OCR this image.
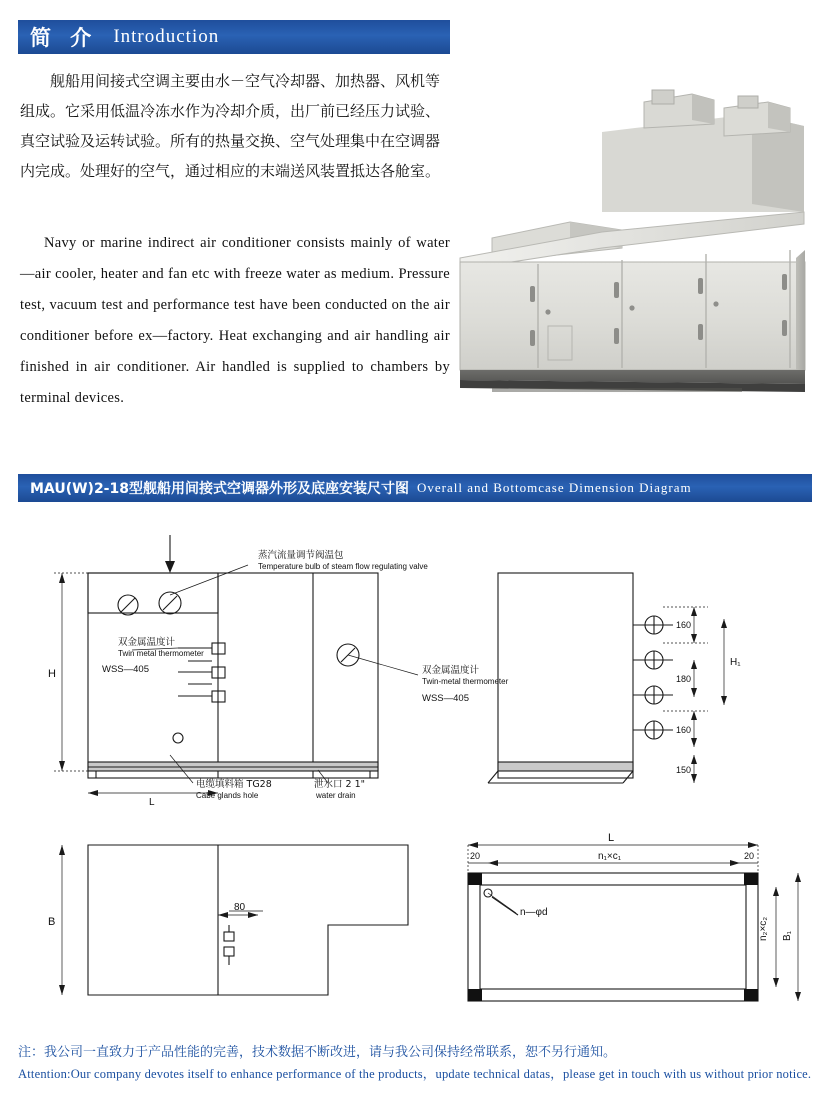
简 介 Introduction
舰船用间接式空调主要由水－空气冷却器、加热器、风机等组成。它采用低温冷冻水作为冷却介质，出厂前已经压力试验、真空试验及运转试验。所有的热量交换、空气处理集中在空调器内完成。处理好的空气，通过相应的末端送风装置抵达各舱室。
Navy or marine indirect air conditioner consists mainly of water—air cooler, heater and fan etc with freeze water as medium. Pressure test, vacuum test and performance test have been conducted on the air conditioner before ex—factory. Heat exchanging and air handling air finished in air conditioner. Air handled is supplied to chambers by terminal devices.
MAU(W)2-18型舰船用间接式空调器外形及底座安装尺寸图 Overall and Bottomcase Dimension Diagram
蒸汽流量调节阀温包
Temperature bulb of steam flow regulating valve
双金属温度计
Twin metal thermometer
WSS—405	双金属温度计
Twin-metal thermometer
WSS—405
电缆填料箱 TG28
Cabe glands hole
泄水口 2 1"
water drain
H
B
L
160
180
160
150
H₁
L
20	20
n₁×c₁
n₂×c₂ B₁
n—φd
80
注：我公司一直致力于产品性能的完善，技术数据不断改进，请与我公司保持经常联系，恕不另行通知。
Attention:Our company devotes itself to enhance performance of the products，update technical datas，please get in touch with us without prior notice.
